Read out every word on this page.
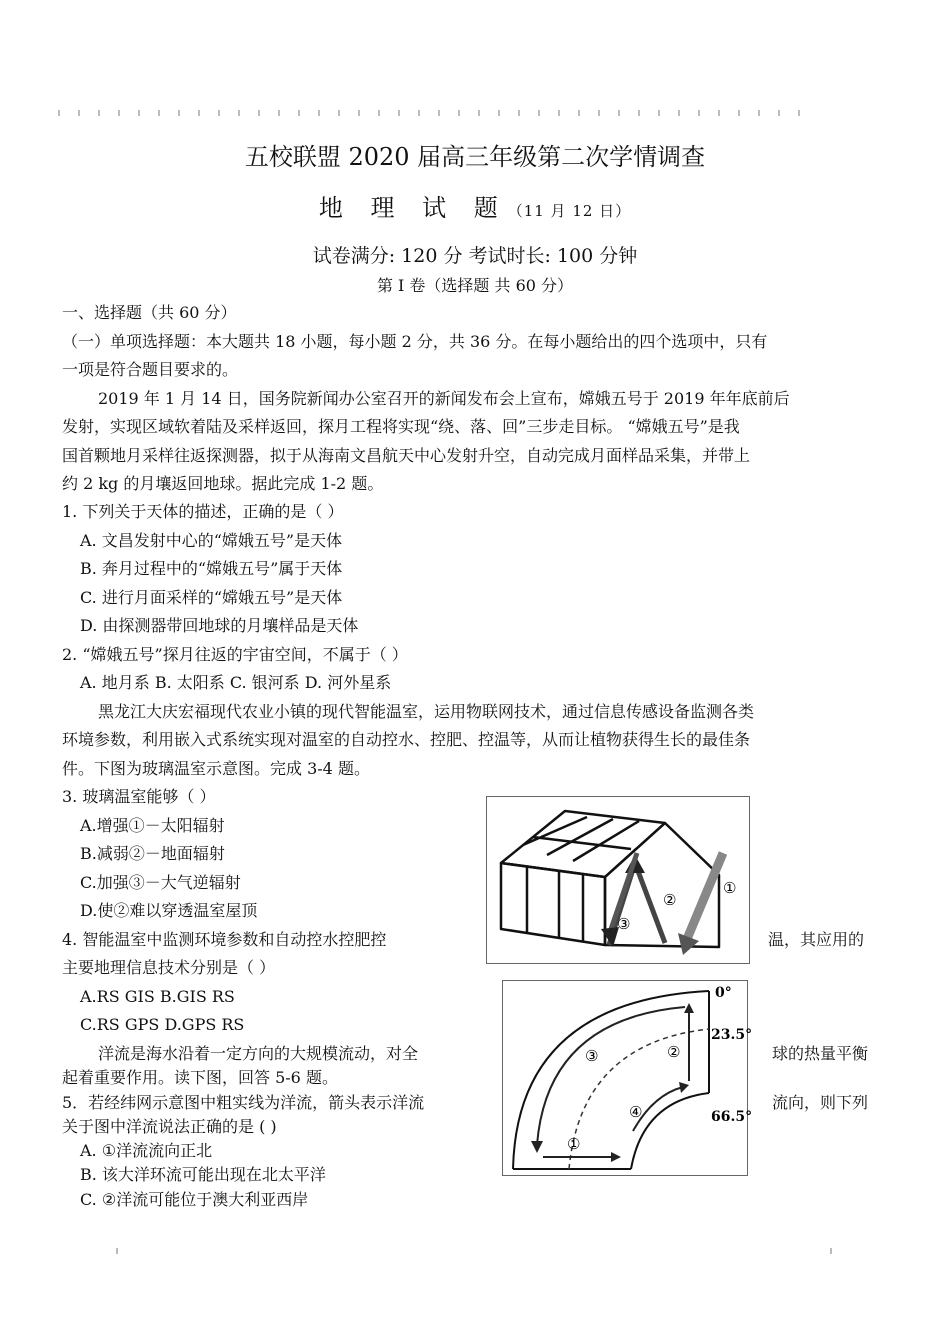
五校联盟 2020 届高三年级第二次学情调查
地 理 试 题（11 月 12 日）
试卷满分: 120 分 考试时长: 100 分钟
第 I 卷（选择题 共 60 分）
一、选择题（共 60 分）
（一）单项选择题：本大题共 18 小题，每小题 2 分，共 36 分。在每小题给出的四个选项中，只有
一项是符合题目要求的。
2019 年 1 月 14 日，国务院新闻办公室召开的新闻发布会上宣布，嫦娥五号于 2019 年年底前后
发射，实现区域软着陆及采样返回，探月工程将实现“绕、落、回”三步走目标。 “嫦娥五号”是我
国首颗地月采样往返探测器，拟于从海南文昌航天中心发射升空，自动完成月面样品采集，并带上
约 2 kg 的月壤返回地球。据此完成 1-2 题。
1. 下列关于天体的描述，正确的是（ ）
A. 文昌发射中心的“嫦娥五号”是天体
B. 奔月过程中的“嫦娥五号”属于天体
C. 进行月面采样的“嫦娥五号”是天体
D. 由探测器带回地球的月壤样品是天体
2. “嫦娥五号”探月往返的宇宙空间，不属于（ ）
A. 地月系 B. 太阳系 C. 银河系 D. 河外星系
黑龙江大庆宏福现代农业小镇的现代智能温室，运用物联网技术，通过信息传感设备监测各类
环境参数，利用嵌入式系统实现对温室的自动控水、控肥、控温等，从而让植物获得生长的最佳条
件。下图为玻璃温室示意图。完成 3-4 题。
3. 玻璃温室能够（ ）
A.增强①－太阳辐射
B.减弱②－地面辐射
C.加强③－大气逆辐射
D.使②难以穿透温室屋顶
①
②
③
4. 智能温室中监测环境参数和自动控水控肥控	温，其应用的
主要地理信息技术分别是（ ）
A.RS GIS B.GIS RS
C.RS GPS D.GPS RS
0°
23.5°
66.5°
①
②
③
④
洋流是海水沿着一定方向的大规模流动，对全	球的热量平衡
起着重要作用。读下图，回答 5-6 题。
5．若经纬网示意图中粗实线为洋流，箭头表示洋流	流向，则下列
关于图中洋流说法正确的是 ( )
A. ①洋流流向正北
B. 该大洋环流可能出现在北太平洋
C. ②洋流可能位于澳大利亚西岸
